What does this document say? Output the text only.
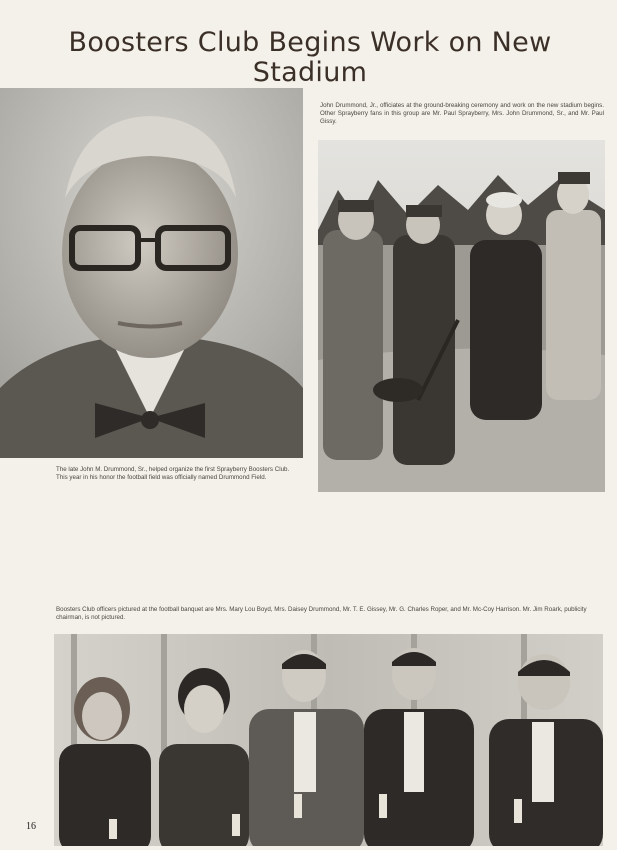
Boosters Club Begins Work on New Stadium
John Drummond, Jr., officiates at the ground-breaking ceremony and work on the new stadium begins. Other Sprayberry fans in this group are Mr. Paul Sprayberry, Mrs. John Drummond, Sr., and Mr. Paul Gissy.
The late John M. Drummond, Sr., helped organize the first Sprayberry Boosters Club. This year in his honor the football field was officially named Drummond Field.
Boosters Club officers pictured at the football banquet are Mrs. Mary Lou Boyd, Mrs. Daisey Drummond, Mr. T. E. Gissey, Mr. G. Charles Roper, and Mr. Mc-Coy Harrison. Mr. Jim Roark, publicity chairman, is not pictured.
16
